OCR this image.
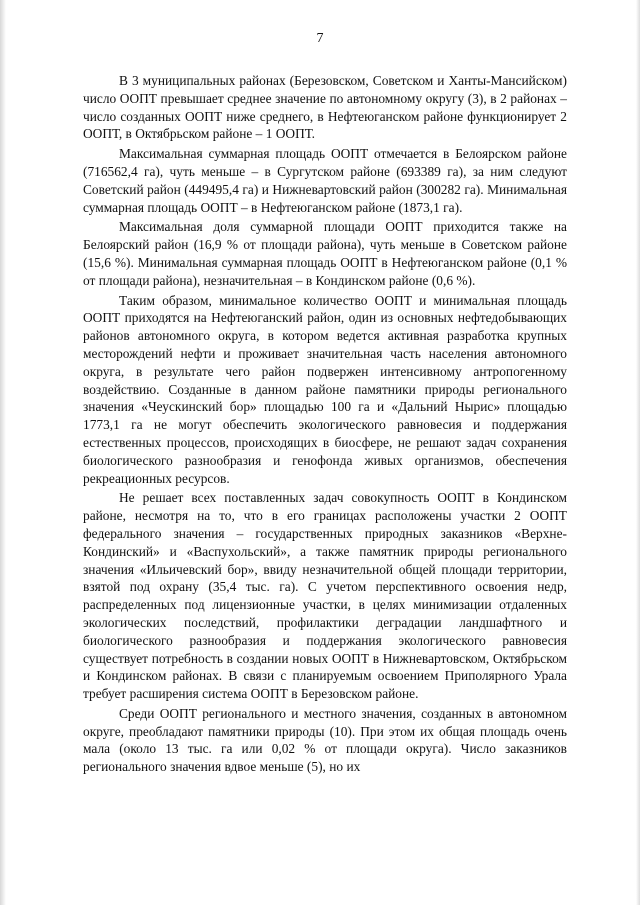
7

В 3 муниципальных районах (Березовском, Советском и Ханты-Мансийском) число ООПТ превышает среднее значение по автономному округу (3), в 2 районах – число созданных ООПТ ниже среднего, в Нефтеюганском районе функционирует 2 ООПТ, в Октябрьском районе – 1 ООПТ.

Максимальная суммарная площадь ООПТ отмечается в Белоярском районе (716562,4 га), чуть меньше – в Сургутском районе (693389 га), за ним следуют Советский район (449495,4 га) и Нижневартовский район (300282 га). Минимальная суммарная площадь ООПТ – в Нефтеюганском районе (1873,1 га).

Максимальная доля суммарной площади ООПТ приходится также на Белоярский район (16,9 % от площади района), чуть меньше в Советском районе (15,6 %). Минимальная суммарная площадь ООПТ в Нефтеюганском районе (0,1 % от площади района), незначительная – в Кондинском районе (0,6 %).

Таким образом, минимальное количество ООПТ и минимальная площадь ООПТ приходятся на Нефтеюганский район, один из основных нефтедобывающих районов автономного округа, в котором ведется активная разработка крупных месторождений нефти и проживает значительная часть населения автономного округа, в результате чего район подвержен интенсивному антропогенному воздействию. Созданные в данном районе памятники природы регионального значения «Чеускинский бор» площадью 100 га и «Дальний Нырис» площадью 1773,1 га не могут обеспечить экологического равновесия и поддержания естественных процессов, происходящих в биосфере, не решают задач сохранения биологического разнообразия и генофонда живых организмов, обеспечения рекреационных ресурсов.

Не решает всех поставленных задач совокупность ООПТ в Кондинском районе, несмотря на то, что в его границах расположены участки 2 ООПТ федерального значения – государственных природных заказников «Верхне-Кондинский» и «Васпухольский», а также памятник природы регионального значения «Ильичевский бор», ввиду незначительной общей площади территории, взятой под охрану (35,4 тыс. га). С учетом перспективного освоения недр, распределенных под лицензионные участки, в целях минимизации отдаленных экологических последствий, профилактики деградации ландшафтного и биологического разнообразия и поддержания экологического равновесия существует потребность в создании новых ООПТ в Нижневартовском, Октябрьском и Кондинском районах. В связи с планируемым освоением Приполярного Урала требует расширения система ООПТ в Березовском районе.

Среди ООПТ регионального и местного значения, созданных в автономном округе, преобладают памятники природы (10). При этом их общая площадь очень мала (около 13 тыс. га или 0,02 % от площади округа). Число заказников регионального значения вдвое меньше (5), но их
